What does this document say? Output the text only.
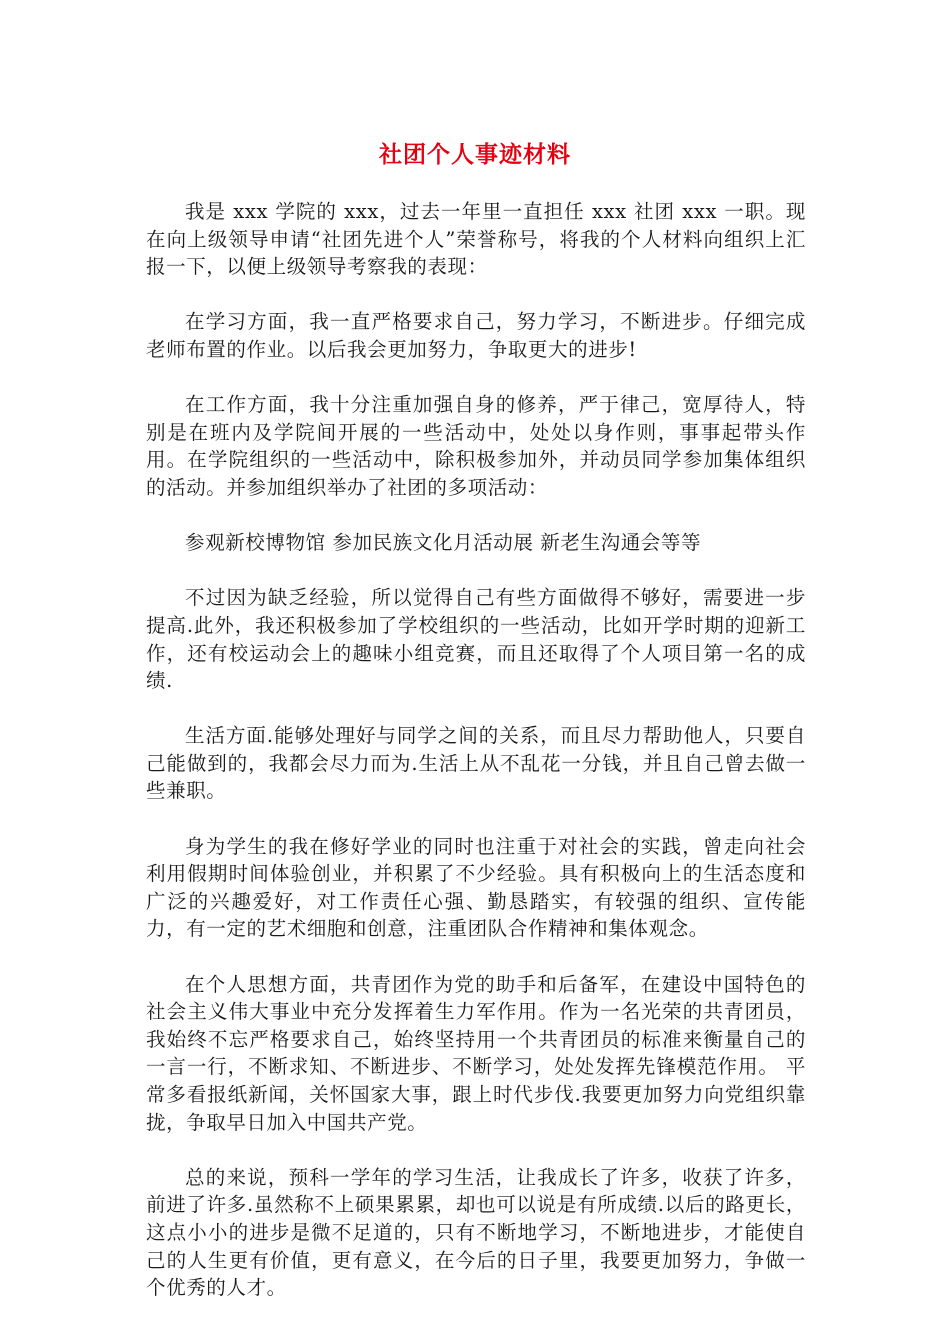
社团个人事迹材料

我是 xxx 学院的 xxx，过去一年里一直担任 xxx 社团 xxx 一职。现在向上级领导申请“社团先进个人”荣誉称号，将我的个人材料向组织上汇报一下，以便上级领导考察我的表现：

在学习方面，我一直严格要求自己，努力学习，不断进步。仔细完成老师布置的作业。以后我会更加努力，争取更大的进步!

在工作方面，我十分注重加强自身的修养，严于律己，宽厚待人，特别是在班内及学院间开展的一些活动中，处处以身作则，事事起带头作用。在学院组织的一些活动中，除积极参加外，并动员同学参加集体组织的活动。并参加组织举办了社团的多项活动：

参观新校博物馆 参加民族文化月活动展 新老生沟通会等等

不过因为缺乏经验，所以觉得自己有些方面做得不够好，需要进一步提高.此外，我还积极参加了学校组织的一些活动，比如开学时期的迎新工作，还有校运动会上的趣味小组竞赛，而且还取得了个人项目第一名的成绩.

生活方面.能够处理好与同学之间的关系，而且尽力帮助他人，只要自己能做到的，我都会尽力而为.生活上从不乱花一分钱，并且自己曾去做一些兼职。

身为学生的我在修好学业的同时也注重于对社会的实践，曾走向社会利用假期时间体验创业，并积累了不少经验。具有积极向上的生活态度和广泛的兴趣爱好，对工作责任心强、勤恳踏实，有较强的组织、宣传能力，有一定的艺术细胞和创意，注重团队合作精神和集体观念。

在个人思想方面，共青团作为党的助手和后备军，在建设中国特色的社会主义伟大事业中充分发挥着生力军作用。作为一名光荣的共青团员，我始终不忘严格要求自己，始终坚持用一个共青团员的标准来衡量自己的一言一行，不断求知、不断进步、不断学习，处处发挥先锋模范作用。 平常多看报纸新闻，关怀国家大事，跟上时代步伐.我要更加努力向党组织靠拢，争取早日加入中国共产党。

总的来说，预科一学年的学习生活，让我成长了许多，收获了许多，前进了许多.虽然称不上硕果累累，却也可以说是有所成绩.以后的路更长，这点小小的进步是微不足道的，只有不断地学习，不断地进步，才能使自己的人生更有价值，更有意义，在今后的日子里，我要更加努力，争做一个优秀的人才。
